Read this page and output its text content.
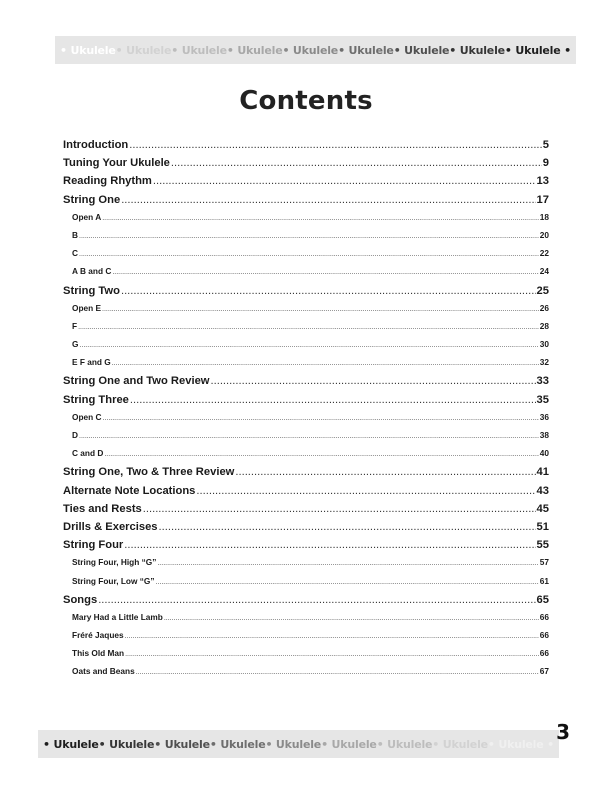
• Ukulele • Ukulele • Ukulele • Ukulele • Ukulele • Ukulele • Ukulele • Ukulele • Ukulele •
Contents
Introduction .....	5
Tuning Your Ukulele .....	9
Reading Rhythm .....	13
String One .....	17
Open A .....	18
B .....	20
C .....	22
A B and C .....	24
String Two .....	25
Open E .....	26
F .....	28
G .....	30
E F and G .....	32
String One and Two Review .....	33
String Three .....	35
Open C .....	36
D .....	38
C and D .....	40
String One, Two & Three Review .....	41
Alternate Note Locations .....	43
Ties and Rests .....	45
Drills & Exercises .....	51
String Four .....	55
String Four, High “G” .....	57
String Four, Low “G” .....	61
Songs .....	65
Mary Had a Little Lamb .....	66
Fréré Jaques .....	66
This Old Man .....	66
Oats and Beans .....	67
• Ukulele • Ukulele • Ukulele • Ukulele • Ukulele • Ukulele • Ukulele • Ukulele • Ukulele • 3
